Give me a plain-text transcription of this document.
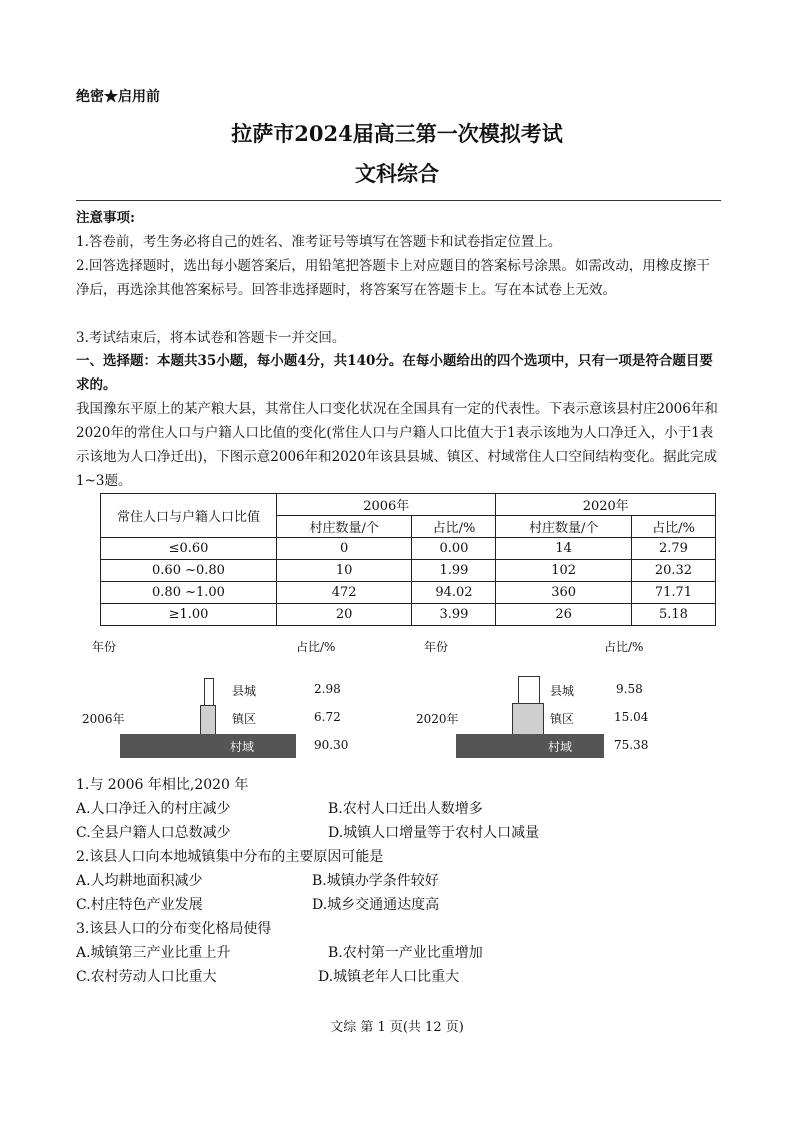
绝密★启用前
拉萨市2024届高三第一次模拟考试
文科综合
注意事项:
1.答卷前，考生务必将自己的姓名、准考证号等填写在答题卡和试卷指定位置上。
2.回答选择题时，选出每小题答案后，用铅笔把答题卡上对应题目的答案标号涂黑。如需改动，用橡皮擦干净后，再选涂其他答案标号。回答非选择题时，将答案写在答题卡上。写在本试卷上无效。
3.考试结束后，将本试卷和答题卡一并交回。
一、选择题：本题共35小题，每小题4分，共140分。在每小题给出的四个选项中，只有一项是符合题目要求的。
我国豫东平原上的某产粮大县，其常住人口变化状况在全国具有一定的代表性。下表示意该县村庄2006年和2020年的常住人口与户籍人口比值的变化(常住人口与户籍人口比值大于1表示该地为人口净迁入，小于1表示该地为人口净迁出)，下图示意2006年和2020年该县县城、镇区、村域常住人口空间结构变化。据此完成1~3题。
常住人口与户籍人口比值	2006年		2020年	
	村庄数量/个	占比/%	村庄数量/个	占比/%
≤0.60	0	0.00	14	2.79
0.60 ~0.80	10	1.99	102	20.32
0.80 ~1.00	472	94.02	360	71.71
≥1.00	20	3.99	26	5.18
年份	占比/%
2006年
县城
镇区
村域
2.98
6.72
90.30
年份	占比/%
2020年
县城
镇区
村域
9.58
15.04
75.38
1.与 2006 年相比,2020 年
A.人口净迁入的村庄减少	B.农村人口迁出人数增多
C.全县户籍人口总数减少	D.城镇人口增量等于农村人口减量
2.该县人口向本地城镇集中分布的主要原因可能是
A.人均耕地面积减少	B.城镇办学条件较好
C.村庄特色产业发展	D.城乡交通通达度高
3.该县人口的分布变化格局使得
A.城镇第三产业比重上升	B.农村第一产业比重增加
C.农村劳动人口比重大	D.城镇老年人口比重大
文综 第 1 页(共 12 页)
